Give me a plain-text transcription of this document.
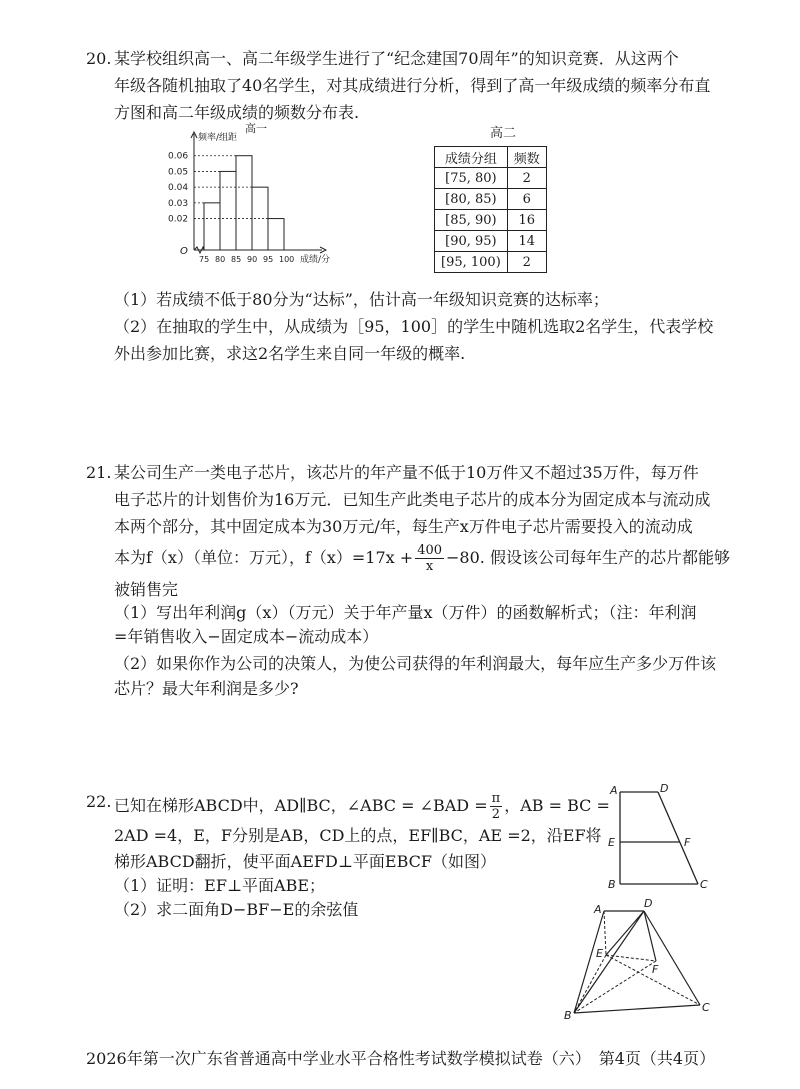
20. 某学校组织高一、高二年级学生进行了“纪念建国70周年”的知识竞赛．从这两个
年级各随机抽取了40名学生，对其成绩进行分析，得到了高一年级成绩的频率分布直
方图和高二年级成绩的频数分布表.
高一
0.02
0.03
0.04
0.05
0.06
75 80 85 90 95 100
频率/组距
成绩/分
O
高二
成绩分组	频数
[75, 80)	2
[80, 85)	6
[85, 90)	16
[90, 95)	14
[95, 100)	2
（1）若成绩不低于80分为“达标”，估计高一年级知识竞赛的达标率；
（2）在抽取的学生中，从成绩为［95，100］的学生中随机选取2名学生，代表学校
外出参加比赛，求这2名学生来自同一年级的概率.
21. 某公司生产一类电子芯片，该芯片的年产量不低于10万件又不超过35万件，每万件
电子芯片的计划售价为16万元．已知生产此类电子芯片的成本分为固定成本与流动成
本两个部分，其中固定成本为30万元/年，每生产x万件电子芯片需要投入的流动成
本为f（x）（单位：万元），$f(x)=17x + \frac{400}{x} -80$. 假设该公司每年生产的芯片都能够
被销售完
（1）写出年利润g（x）（万元）关于年产量x（万件）的函数解析式；（注：年利润
=年销售收入−固定成本−流动成本）
（2）如果你作为公司的决策人，为使公司获得的年利润最大，每年应生产多少万件该
芯片？最大年利润是多少?
22. 已知在梯形ABCD中，AD∥BC，∠ABC = ∠BAD = $\frac{\pi}{2}$ ，AB = BC =
2AD =4，E，F分别是AB，CD上的点，EF∥BC，AE =2，沿EF将
梯形ABCD翻折，使平面AEFD⊥平面EBCF（如图）
（1）证明：EF⊥平面ABE；
（2）求二面角D−BF−E的余弦值
A	D
E	F
B	C
A	D
E
F
B
C
2026年第一次广东省普通高中学业水平合格性考试数学模拟试卷（六）　第4页（共4页）
